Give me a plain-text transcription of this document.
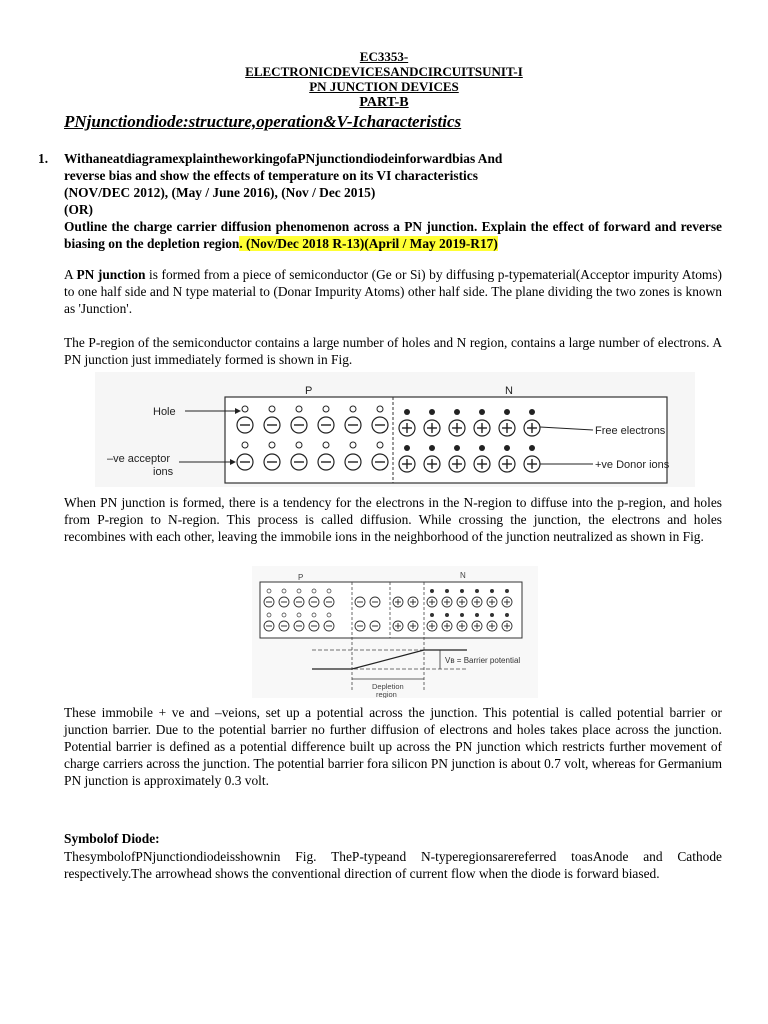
EC3353-
ELECTRONICDEVICESANDCIRCUITSUNIT-I
PN JUNCTION DEVICES
PART-B
PNjunctiondiode:structure,operation&V-Icharacteristics
1. WithaneatdiagramexplaintheworkingofaPNjunctiondiodeinforwardbias And
reverse bias and show the effects of temperature on its VI characteristics
(NOV/DEC 2012), (May / June 2016), (Nov / Dec 2015)
(OR)
Outline the charge carrier diffusion phenomenon across a PN junction. Explain the effect of forward and reverse biasing on the depletion region. (Nov/Dec 2018 R-13)(April / May 2019-R17)
A PN junction is formed from a piece of semiconductor (Ge or Si) by diffusing p-typematerial(Acceptor impurity Atoms) to one half side and N type material to (Donar Impurity Atoms) other half side. The plane dividing the two zones is known as 'Junction'.
The P-region of the semiconductor contains a large number of holes and N region, contains a large number of electrons. A PN junction just immediately formed is shown in Fig.
P	N
Hole
–ve acceptor
ions
Free electrons
+ve Donor ions
When PN junction is formed, there is a tendency for the electrons in the N-region to diffuse into the p-region, and holes from P-region to N-region. This process is called diffusion. While crossing the junction, the electrons and holes recombines with each other, leaving the immobile ions in the neighborhood of the junction neutralized as shown in Fig.
P	N
Vʙ = Barrier potential
Depletion
region
These immobile + ve and –veions, set up a potential across the junction. This potential is called potential barrier or junction barrier. Due to the potential barrier no further diffusion of electrons and holes takes place across the junction. Potential barrier is defined as a potential difference built up across the PN junction which restricts further movement of charge carriers across the junction. The potential barrier fora silicon PN junction is about 0.7 volt, whereas for Germanium PN junction is approximately 0.3 volt.
Symbolof Diode:
ThesymbolofPNjunctiondiodeisshownin Fig. TheP-typeand N-typeregionsarereferred toasAnode and Cathode respectively.The arrowhead shows the conventional direction of current flow when the diode is forward biased.
